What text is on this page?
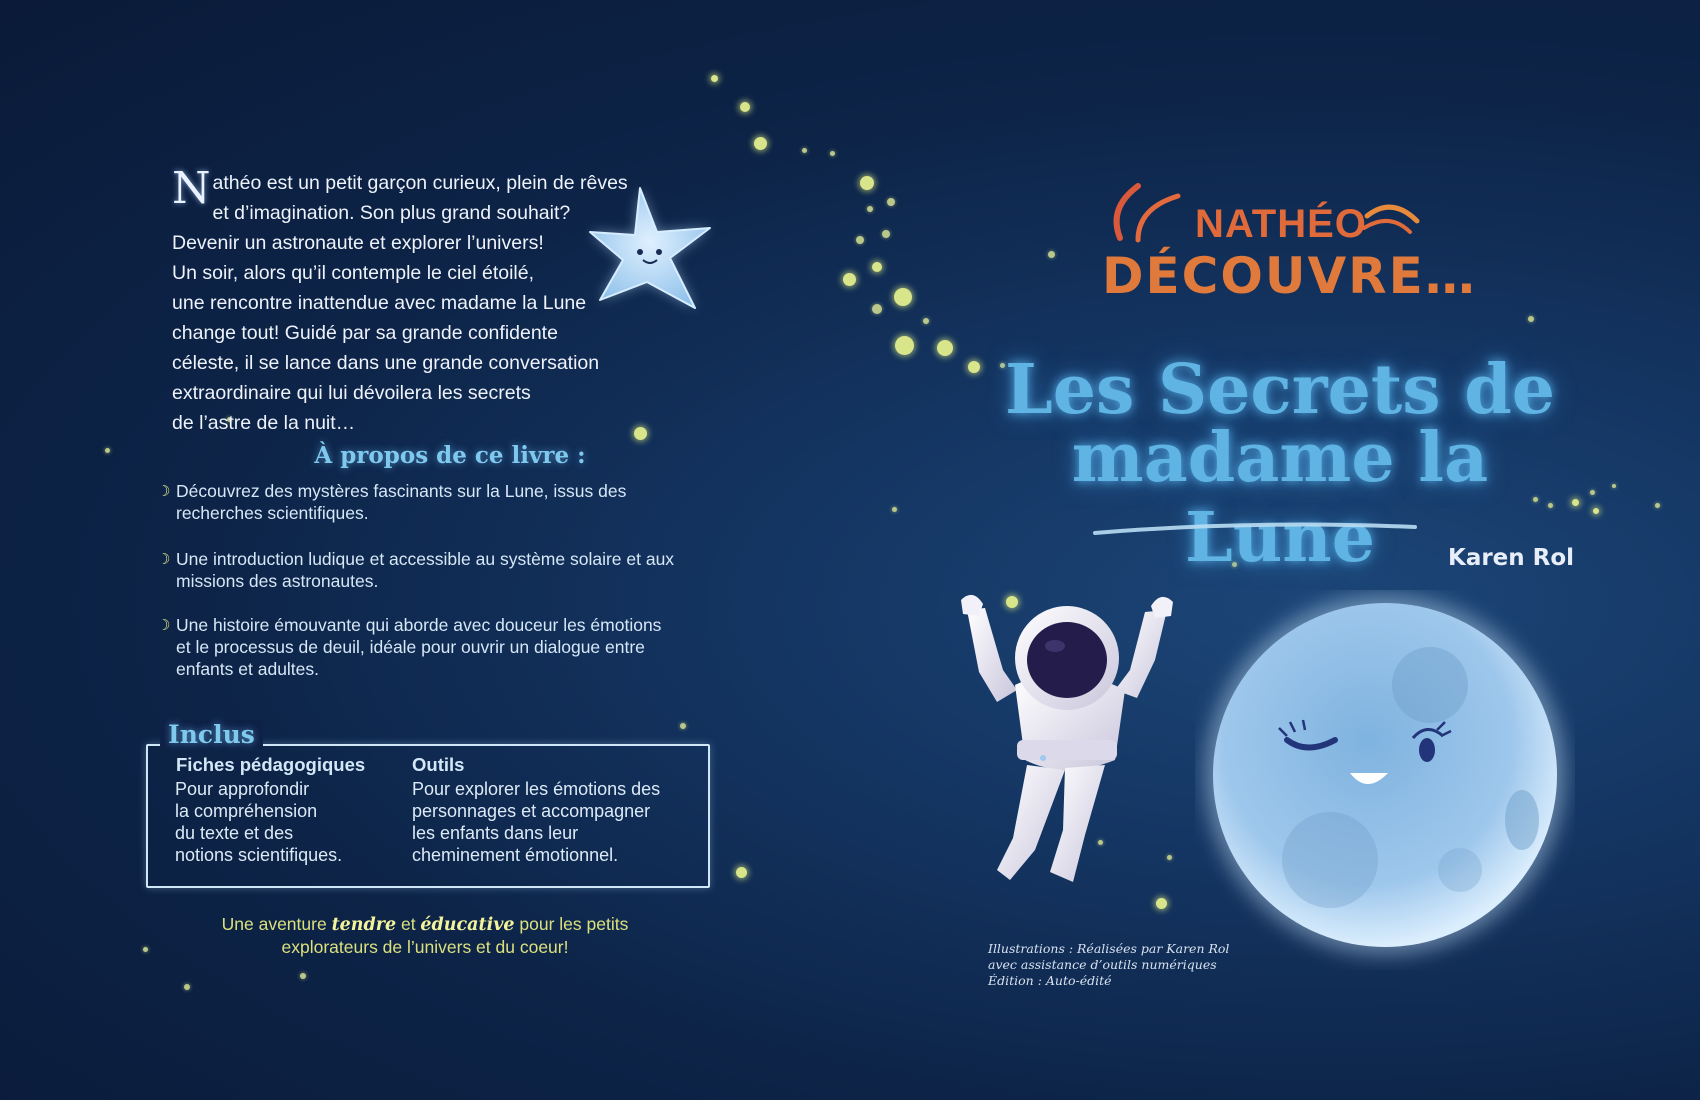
Nathéo est un petit garçon curieux, plein de rêves
et d’imagination. Son plus grand souhait?
Devenir un astronaute et explorer l’univers!
Un soir, alors qu’il contemple le ciel étoilé,
une rencontre inattendue avec madame la Lune
change tout! Guidé par sa grande confidente
céleste, il se lance dans une grande conversation
extraordinaire qui lui dévoilera les secrets
de l’astre de la nuit…

À propos de ce livre :
☽ Découvrez des mystères fascinants sur la Lune, issus des recherches scientifiques.
☽ Une introduction ludique et accessible au système solaire et aux missions des astronautes.
☽ Une histoire émouvante qui aborde avec douceur les émotions et le processus de deuil, idéale pour ouvrir un dialogue entre enfants et adultes.
Inclus
Fiches pédagogiques
Pour approfondir
la compréhension
du texte et des
notions scientifiques.
Outils
Pour explorer les émotions des
personnages et accompagner
les enfants dans leur
cheminement émotionnel.
Une aventure tendre et éducative pour les petits
explorateurs de l’univers et du coeur!
NATHÉO
DÉCOUVRE…
Les Secrets de
madame la Lune	Karen Rol
Illustrations : Réalisées par Karen Rol
avec assistance d’outils numériques
Édition : Auto-édité
